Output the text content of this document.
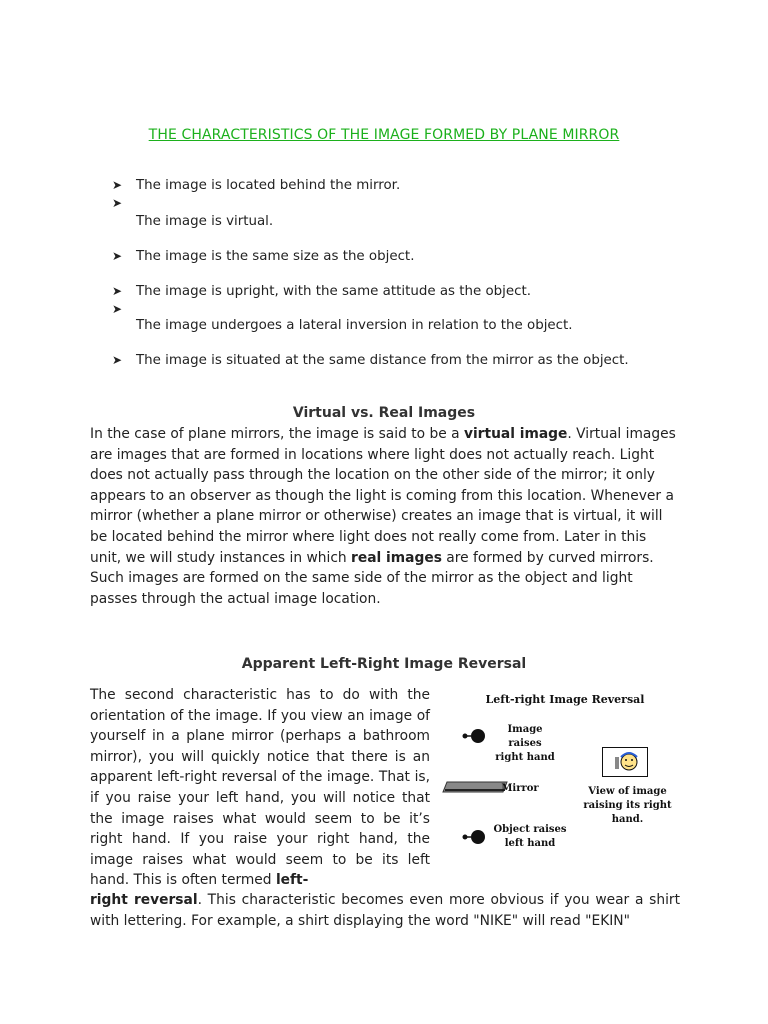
THE CHARACTERISTICS OF THE IMAGE FORMED BY PLANE MIRROR
➤ The image is located behind the mirror.
➤
The image is virtual.
➤ The image is the same size as the object.
➤ The image is upright, with the same attitude as the object.
➤
The image undergoes a lateral inversion in relation to the object.
➤ The image is situated at the same distance from the mirror as the object.
Virtual vs. Real Images
In the case of plane mirrors, the image is said to be a virtual image. Virtual images are images that are formed in locations where light does not actually reach. Light does not actually pass through the location on the other side of the mirror; it only appears to an observer as though the light is coming from this location. Whenever a mirror (whether a plane mirror or otherwise) creates an image that is virtual, it will be located behind the mirror where light does not really come from. Later in this unit, we will study instances in which real images are formed by curved mirrors. Such images are formed on the same side of the mirror as the object and light passes through the actual image location.
Apparent Left-Right Image Reversal
The second characteristic has to do with the orientation of the image. If you view an image of yourself in a plane mirror (perhaps a bathroom mirror), you will quickly notice that there is an apparent left-right reversal of the image. That is, if you raise your left hand, you will notice that the image raises what would seem to be it’s right hand. If you raise your right hand, the image raises what would seem to be its left hand. This is often termed left-
right reversal. This characteristic becomes even more obvious if you wear a shirt with lettering. For example, a shirt displaying the word "NIKE" will read "EKIN"
Left-right Image Reversal
Image raises
right hand
Mirror	View of image
raising its right hand.
Object raises
left hand
